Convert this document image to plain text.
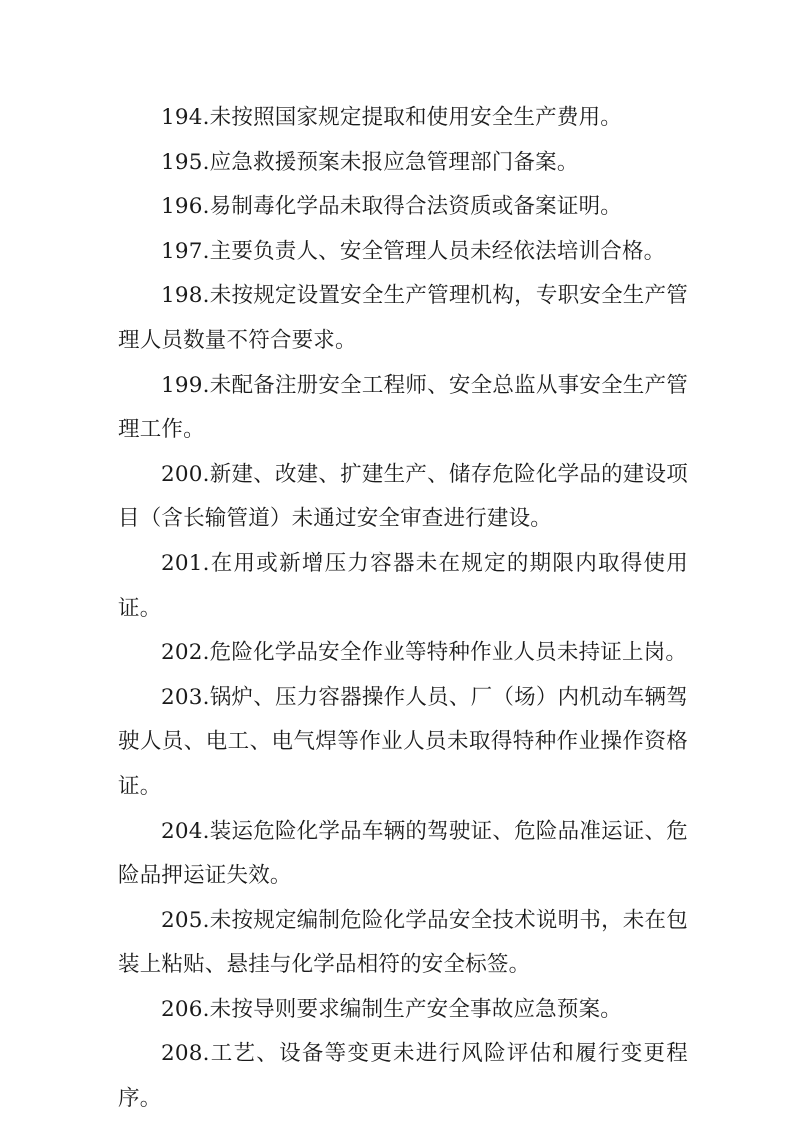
194.未按照国家规定提取和使用安全生产费用。

195.应急救援预案未报应急管理部门备案。

196.易制毒化学品未取得合法资质或备案证明。

197.主要负责人、安全管理人员未经依法培训合格。

198.未按规定设置安全生产管理机构，专职安全生产管理人员数量不符合要求。

199.未配备注册安全工程师、安全总监从事安全生产管理工作。

200.新建、改建、扩建生产、储存危险化学品的建设项目（含长输管道）未通过安全审查进行建设。

201.在用或新增压力容器未在规定的期限内取得使用证。

202.危险化学品安全作业等特种作业人员未持证上岗。

203.锅炉、压力容器操作人员、厂（场）内机动车辆驾驶人员、电工、电气焊等作业人员未取得特种作业操作资格证。

204.装运危险化学品车辆的驾驶证、危险品准运证、危险品押运证失效。

205.未按规定编制危险化学品安全技术说明书，未在包装上粘贴、悬挂与化学品相符的安全标签。

206.未按导则要求编制生产安全事故应急预案。

208.工艺、设备等变更未进行风险评估和履行变更程序。
